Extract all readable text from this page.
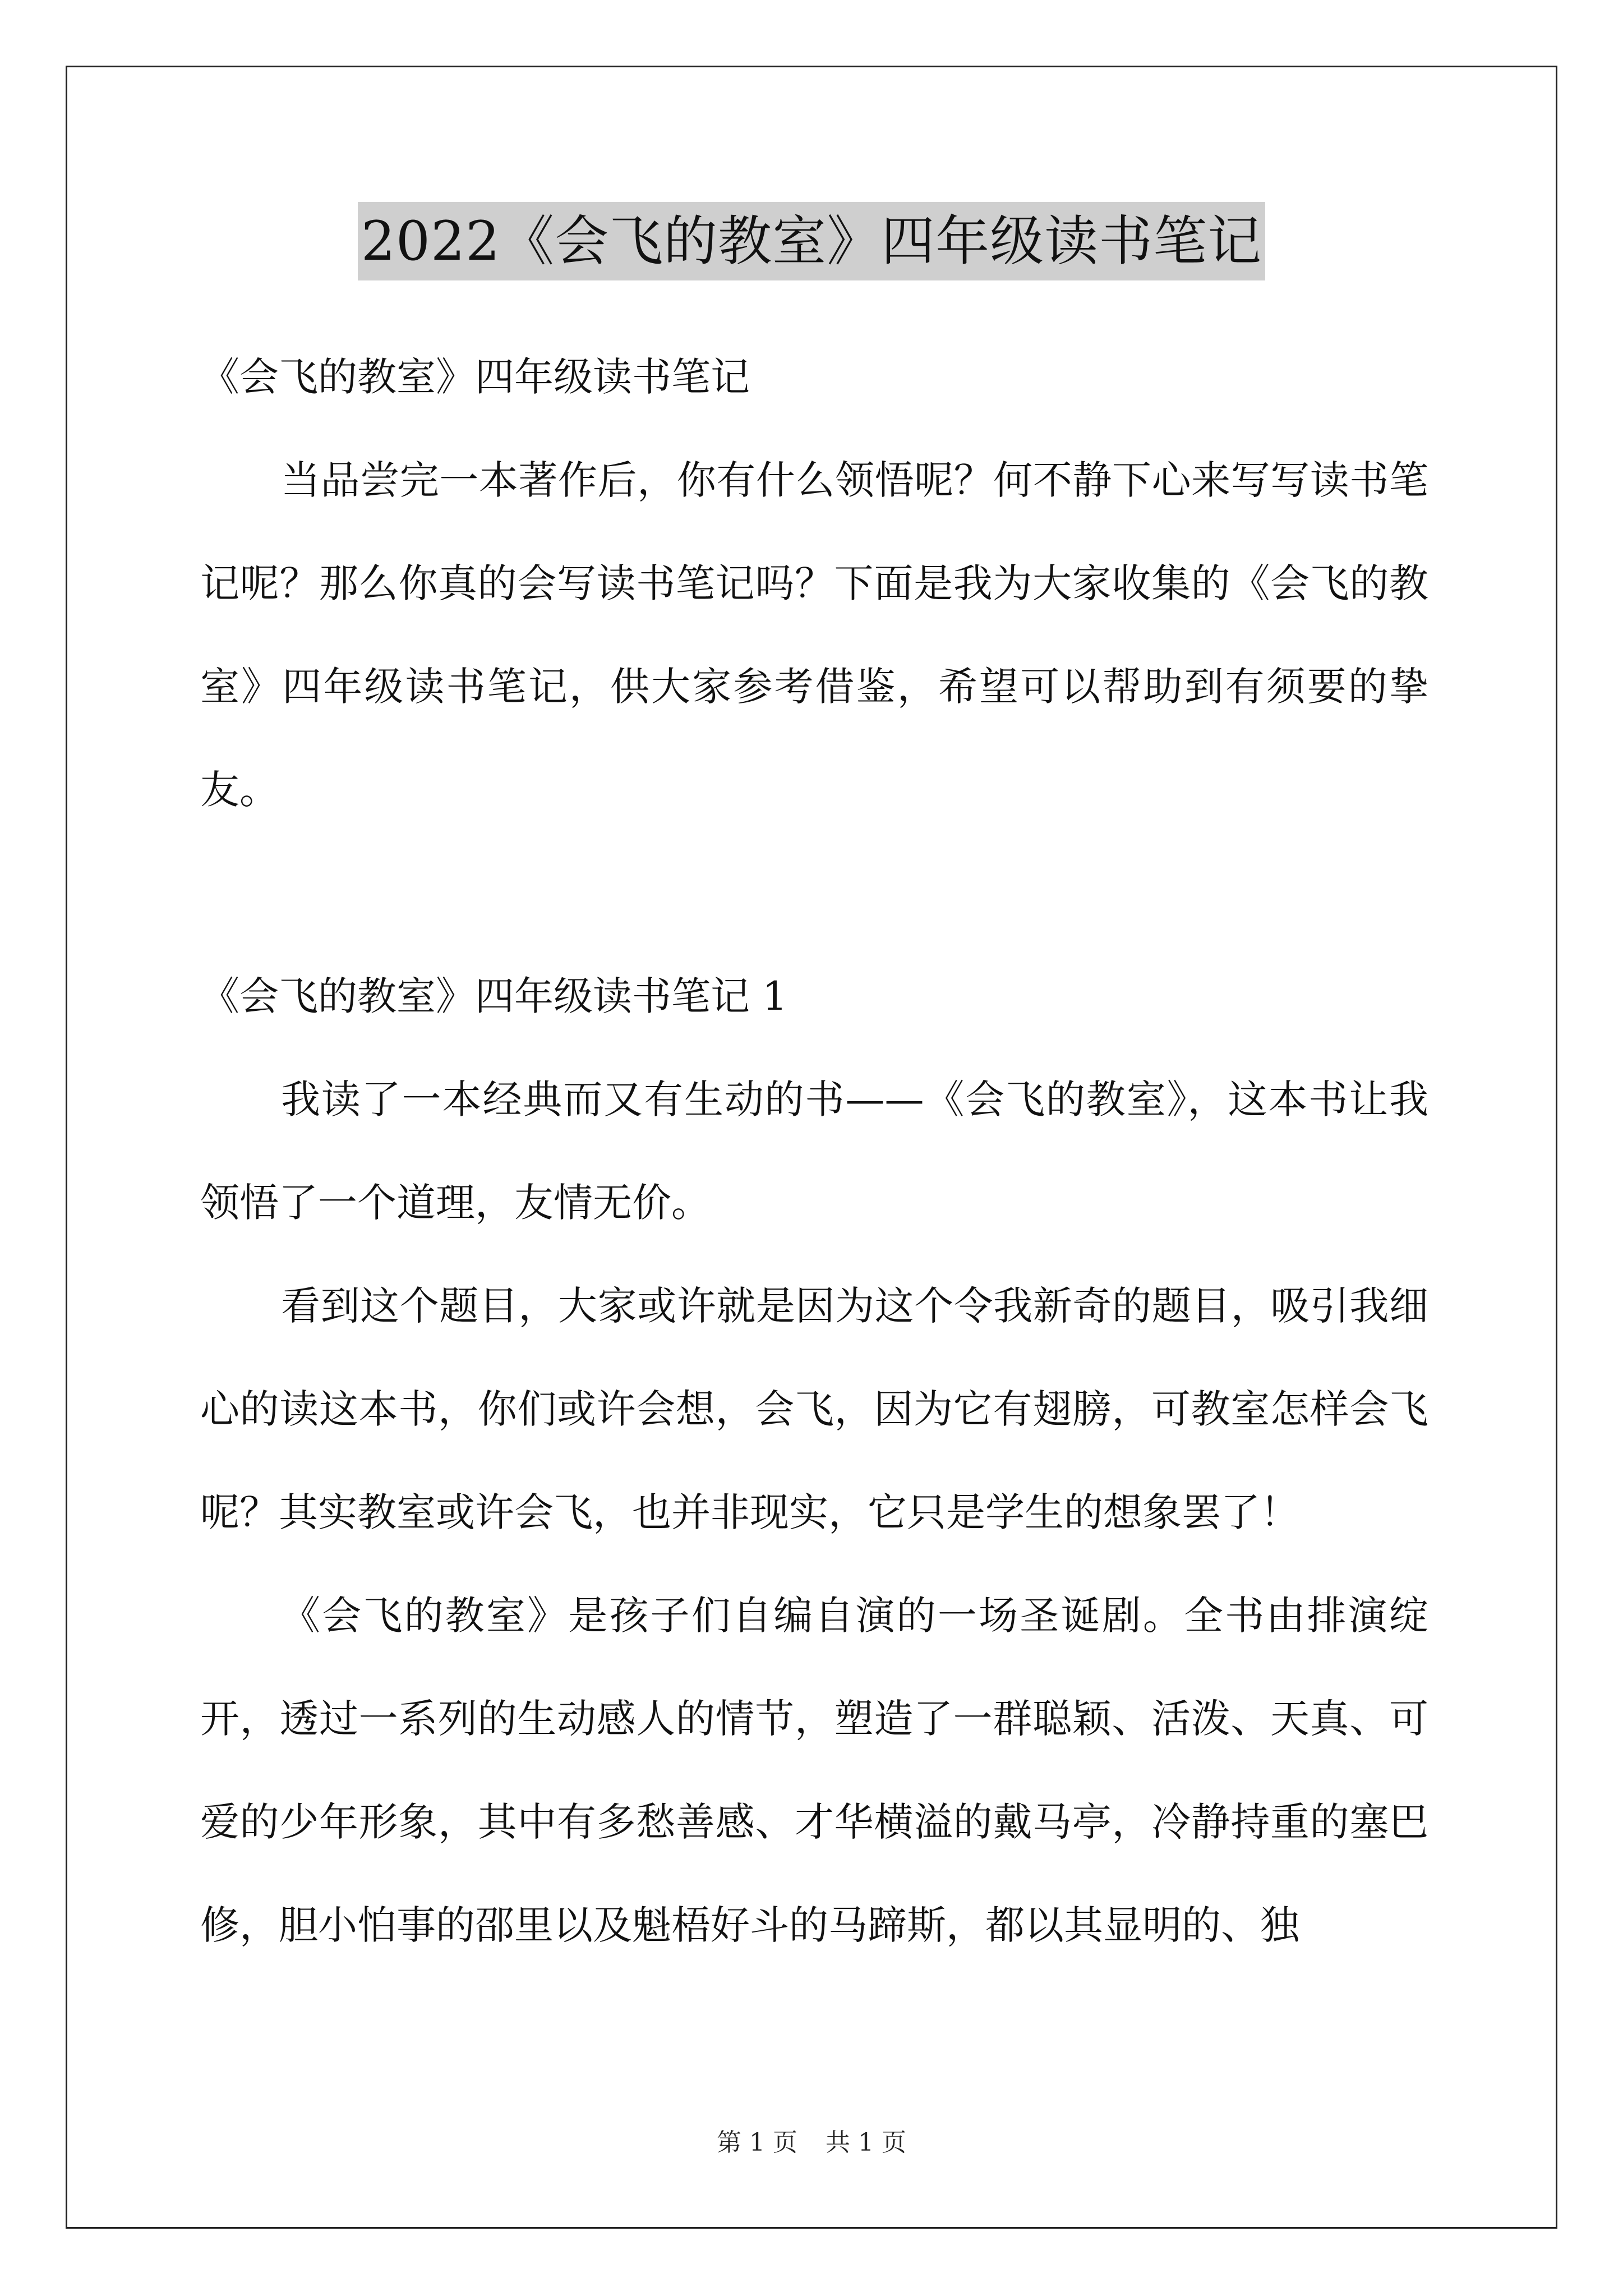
2022《会飞的教室》四年级读书笔记

《会飞的教室》四年级读书笔记

当品尝完一本著作后，你有什么领悟呢？何不静下心来写写读书笔记呢？那么你真的会写读书笔记吗？下面是我为大家收集的《会飞的教室》四年级读书笔记，供大家参考借鉴，希望可以帮助到有须要的挚友。

《会飞的教室》四年级读书笔记 1

我读了一本经典而又有生动的书——《会飞的教室》，这本书让我领悟了一个道理，友情无价。

看到这个题目，大家或许就是因为这个令我新奇的题目，吸引我细心的读这本书，你们或许会想，会飞，因为它有翅膀，可教室怎样会飞呢？其实教室或许会飞，也并非现实，它只是学生的想象罢了！

《会飞的教室》是孩子们自编自演的一场圣诞剧。全书由排演绽开，透过一系列的生动感人的情节，塑造了一群聪颖、活泼、天真、可爱的少年形象，其中有多愁善感、才华横溢的戴马亭，冷静持重的塞巴修，胆小怕事的邵里以及魁梧好斗的马蹄斯，都以其显明的、独

第 1 页 共 1 页
